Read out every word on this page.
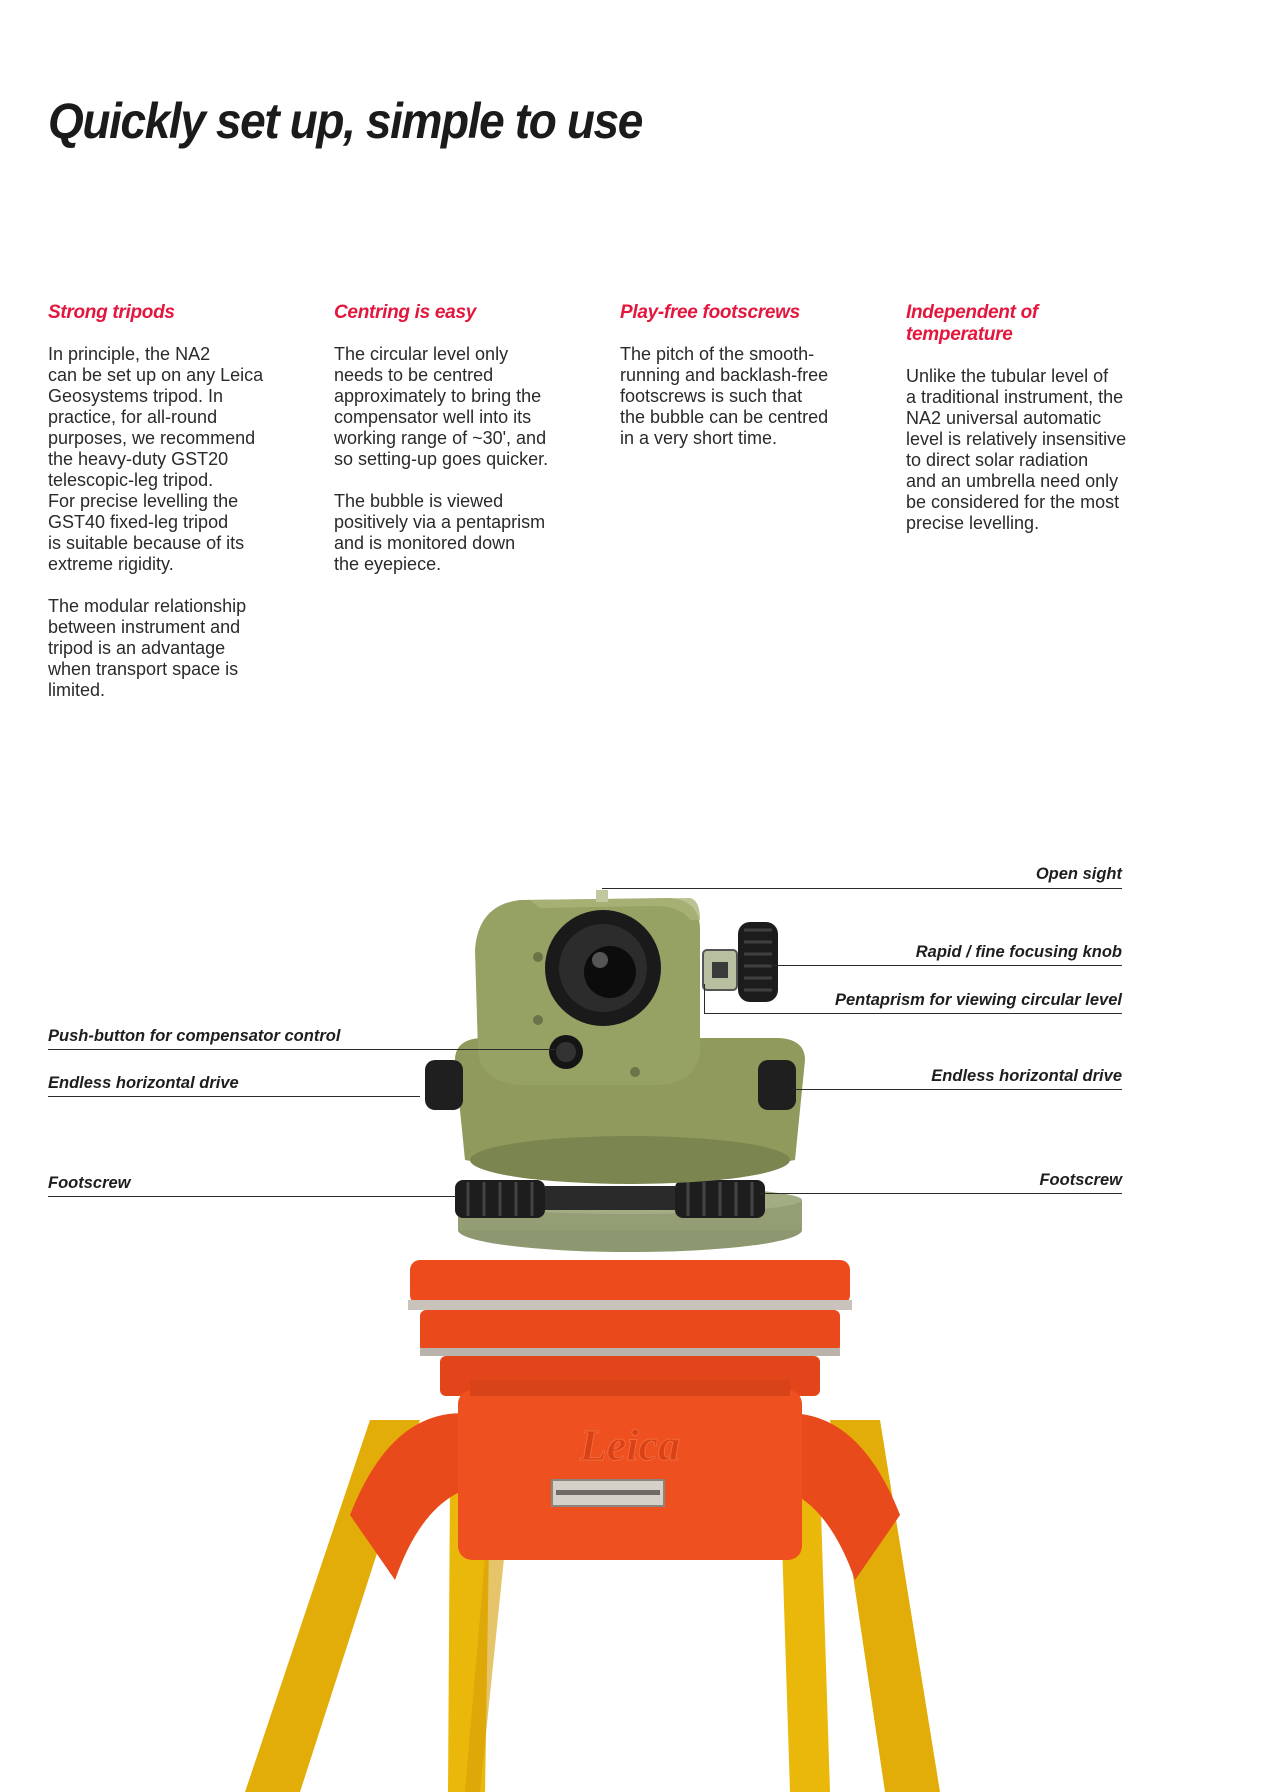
Quickly set up, simple to use
Strong tripods

In principle, the NA2
can be set up on any Leica
Geosystems tripod. In
practice, for all-round
purposes, we recommend
the heavy-duty GST20
telescopic-leg tripod.
For precise levelling the
GST40 fixed-leg tripod
is suitable because of its
extreme rigidity.

The modular relationship
between instrument and
tripod is an advantage
when transport space is
limited.

Centring is easy

The circular level only
needs to be centred
approximately to bring the
compensator well into its
working range of ~30', and
so setting-up goes quicker.

The bubble is viewed
positively via a pentaprism
and is monitored down
the eyepiece.

Play-free footscrews

The pitch of the smooth-
running and backlash-free
footscrews is such that
the bubble can be centred
in a very short time.

Independent of
temperature

Unlike the tubular level of
a traditional instrument, the
NA2 universal automatic
level is relatively insensitive
to direct solar radiation
and an umbrella need only
be considered for the most
precise levelling.

Leica
Push-button for compensator control
Endless horizontal drive
Footscrew
Open sight
Rapid / fine focusing knob
Pentaprism for viewing circular level
Endless horizontal drive
Footscrew
